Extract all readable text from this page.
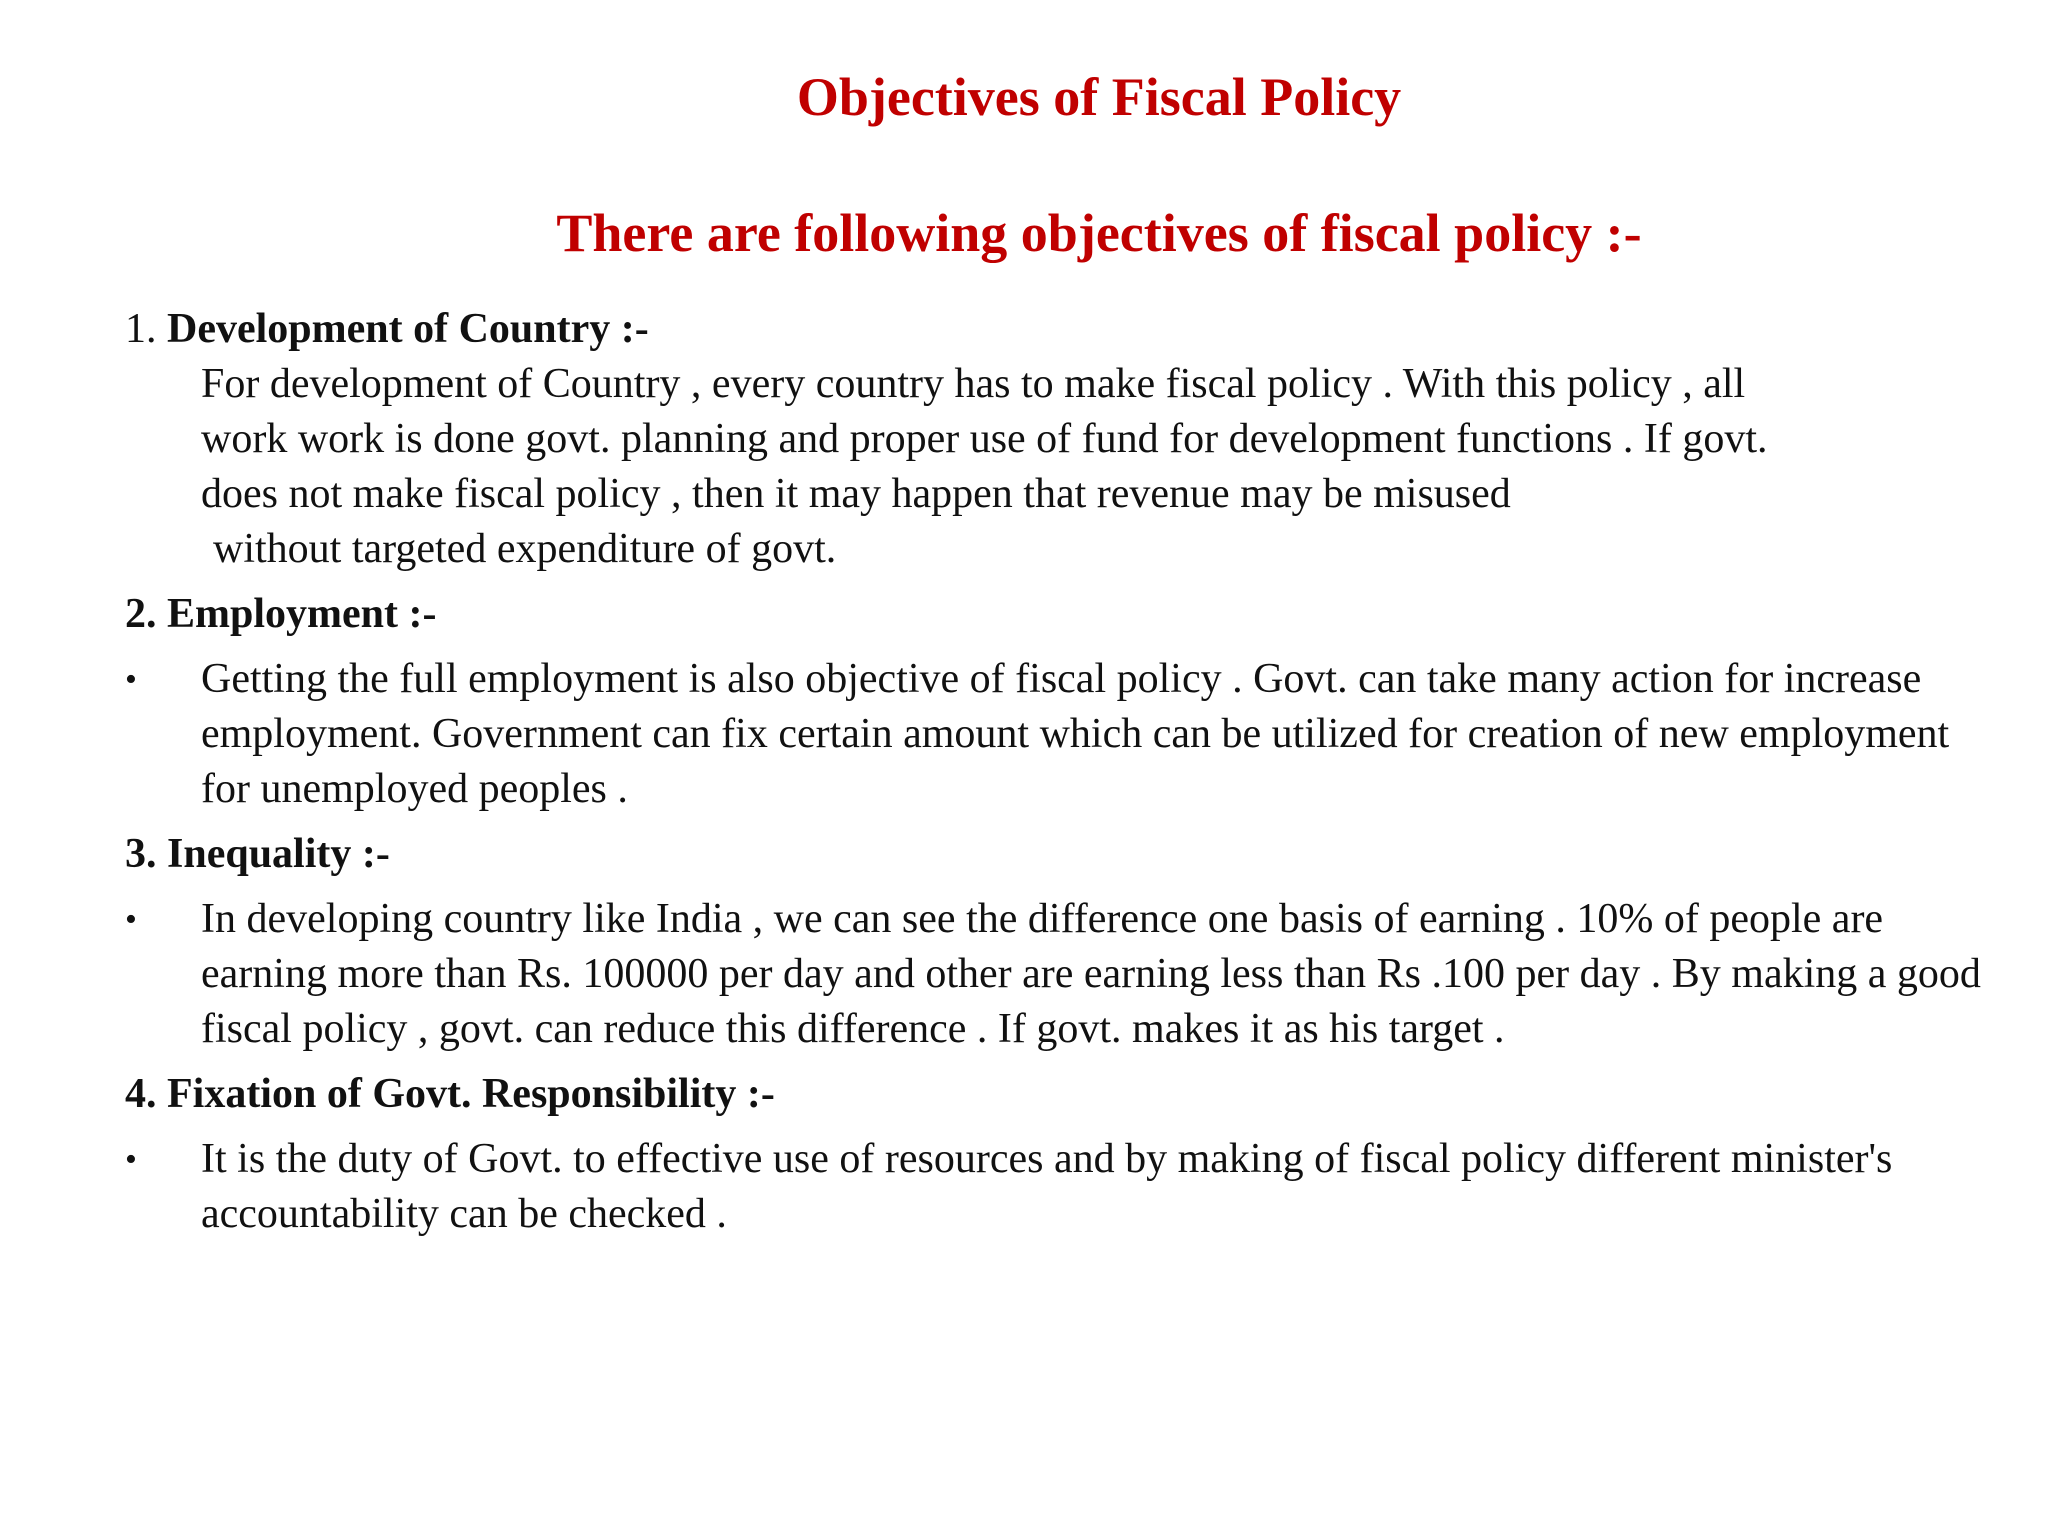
Objectives of Fiscal Policy
There are following objectives of fiscal policy :-

1. Development of Country :-

For development of Country , every country has to make fiscal policy . With this policy , all
work work is done govt. planning and proper use of fund for development functions . If govt.
does not make fiscal policy , then it may happen that revenue may be misused
without targeted expenditure of govt.

2. Employment :-

• Getting the full employment is also objective of fiscal policy . Govt. can take many action for increase employment. Government can fix certain amount which can be utilized for creation of new employment for unemployed peoples .

3. Inequality :-

• In developing country like India , we can see the difference one basis of earning . 10% of people are earning more than Rs. 100000 per day and other are earning less than Rs .100 per day . By making a good fiscal policy , govt. can reduce this difference . If govt. makes it as his target .

4. Fixation of Govt. Responsibility :-

• It is the duty of Govt. to effective use of resources and by making of fiscal policy different minister's accountability can be checked .
